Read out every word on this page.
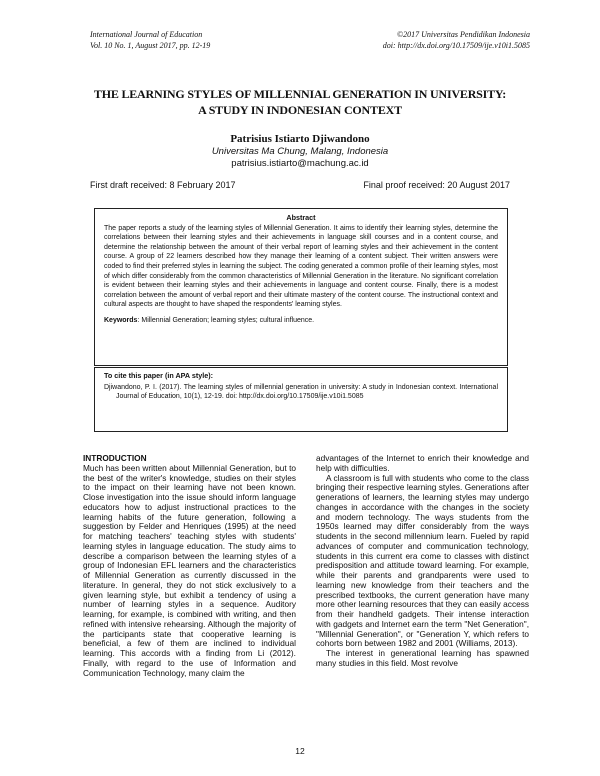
International Journal of Education
Vol. 10 No. 1, August 2017, pp. 12-19
©2017 Universitas Pendidikan Indonesia
doi: http://dx.doi.org/10.17509/ije.v10i1.5085
THE LEARNING STYLES OF MILLENNIAL GENERATION IN UNIVERSITY: A STUDY IN INDONESIAN CONTEXT
Patrisius Istiarto Djiwandono
Universitas Ma Chung, Malang, Indonesia
patrisius.istiarto@machung.ac.id
First draft received: 8 February 2017	Final proof received: 20 August 2017
Abstract
The paper reports a study of the learning styles of Millennial Generation. It aims to identify their learning styles, determine the correlations between their learning styles and their achievements in language skill courses and in a content course, and determine the relationship between the amount of their verbal report of learning styles and their achievement in the content course. A group of 22 learners described how they manage their learning of a content subject. Their written answers were coded to find their preferred styles in learning the subject. The coding generated a common profile of their learning styles, most of which differ considerably from the common characteristics of Millennial Generation in the literature. No significant correlation is evident between their learning styles and their achievements in language and content course. Finally, there is a modest correlation between the amount of verbal report and their ultimate mastery of the content course. The instructional context and cultural aspects are thought to have shaped the respondents' learning styles.
Keywords: Millennial Generation; learning styles; cultural influence.
To cite this paper (in APA style):
Djiwandono, P. I. (2017). The learning styles of millennial generation in university: A study in Indonesian context. International Journal of Education, 10(1), 12-19. doi: http://dx.doi.org/10.17509/ije.v10i1.5085
INTRODUCTION

Much has been written about Millennial Generation, but to the best of the writer's knowledge, studies on their styles to the impact on their learning have not been known. Close investigation into the issue should inform language educators how to adjust instructional practices to the learning habits of the future generation, following a suggestion by Felder and Henriques (1995) at the need for matching teachers' teaching styles with students' learning styles in language education. The study aims to describe a comparison between the learning styles of a group of Indonesian EFL learners and the characteristics of Millennial Generation as currently discussed in the literature. In general, they do not stick exclusively to a given learning style, but exhibit a tendency of using a number of learning styles in a sequence. Auditory learning, for example, is combined with writing, and then refined with intensive rehearsing. Although the majority of the participants state that cooperative learning is beneficial, a few of them are inclined to individual learning. This accords with a finding from Li (2012). Finally, with regard to the use of Information and Communication Technology, many claim the

advantages of the Internet to enrich their knowledge and help with difficulties.

A classroom is full with students who come to the class bringing their respective learning styles. Generations after generations of learners, the learning styles may undergo changes in accordance with the changes in the society and modern technology. The ways students from the 1950s learned may differ considerably from the ways students in the second millennium learn. Fueled by rapid advances of computer and communication technology, students in this current era come to classes with distinct predisposition and attitude toward learning. For example, while their parents and grandparents were used to learning new knowledge from their teachers and the prescribed textbooks, the current generation have many more other learning resources that they can easily access from their handheld gadgets. Their intense interaction with gadgets and Internet earn the term "Net Generation", "Millennial Generation", or "Generation Y, which refers to cohorts born between 1982 and 2001 (Williams, 2013).

The interest in generational learning has spawned many studies in this field. Most revolve

12
